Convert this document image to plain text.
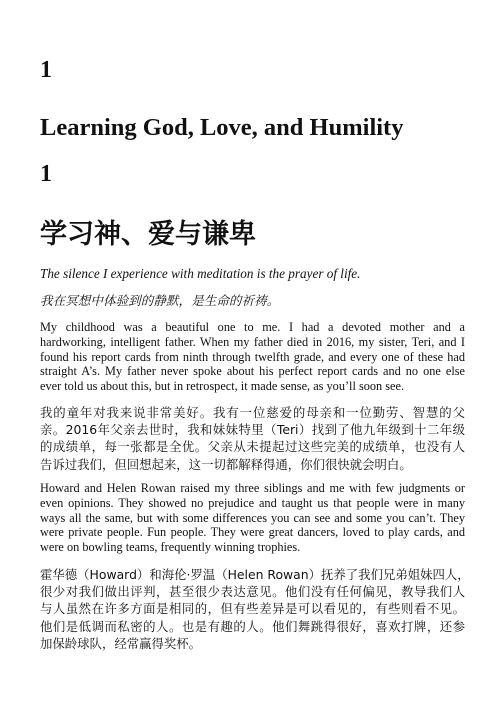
1
Learning God, Love, and Humility
1
学习神、爱与谦卑

The silence I experience with meditation is the prayer of life.

我在冥想中体验到的静默，是生命的祈祷。

My childhood was a beautiful one to me. I had a devoted mother and a
hardworking, intelligent father. When my father died in 2016, my sister, Teri, and I
found his report cards from ninth through twelfth grade, and every one of these had
straight A’s. My father never spoke about his perfect report cards and no one else
ever told us about this, but in retrospect, it made sense, as you’ll soon see.

我的童年对我来说非常美好。我有一位慈爱的母亲和一位勤劳、智慧的父
亲。2016年父亲去世时，我和妹妹特里（Teri）找到了他九年级到十二年级
的成绩单，每一张都是全优。父亲从未提起过这些完美的成绩单，也没有人
告诉过我们，但回想起来，这一切都解释得通，你们很快就会明白。

Howard and Helen Rowan raised my three siblings and me with few judgments or
even opinions. They showed no prejudice and taught us that people were in many
ways all the same, but with some differences you can see and some you can’t. They
were private people. Fun people. They were great dancers, loved to play cards, and
were on bowling teams, frequently winning trophies.

霍华德（Howard）和海伦·罗温（Helen Rowan）抚养了我们兄弟姐妹四人，
很少对我们做出评判，甚至很少表达意见。他们没有任何偏见，教导我们人
与人虽然在许多方面是相同的，但有些差异是可以看见的，有些则看不见。
他们是低调而私密的人。也是有趣的人。他们舞跳得很好，喜欢打牌，还参
加保龄球队，经常赢得奖杯。
